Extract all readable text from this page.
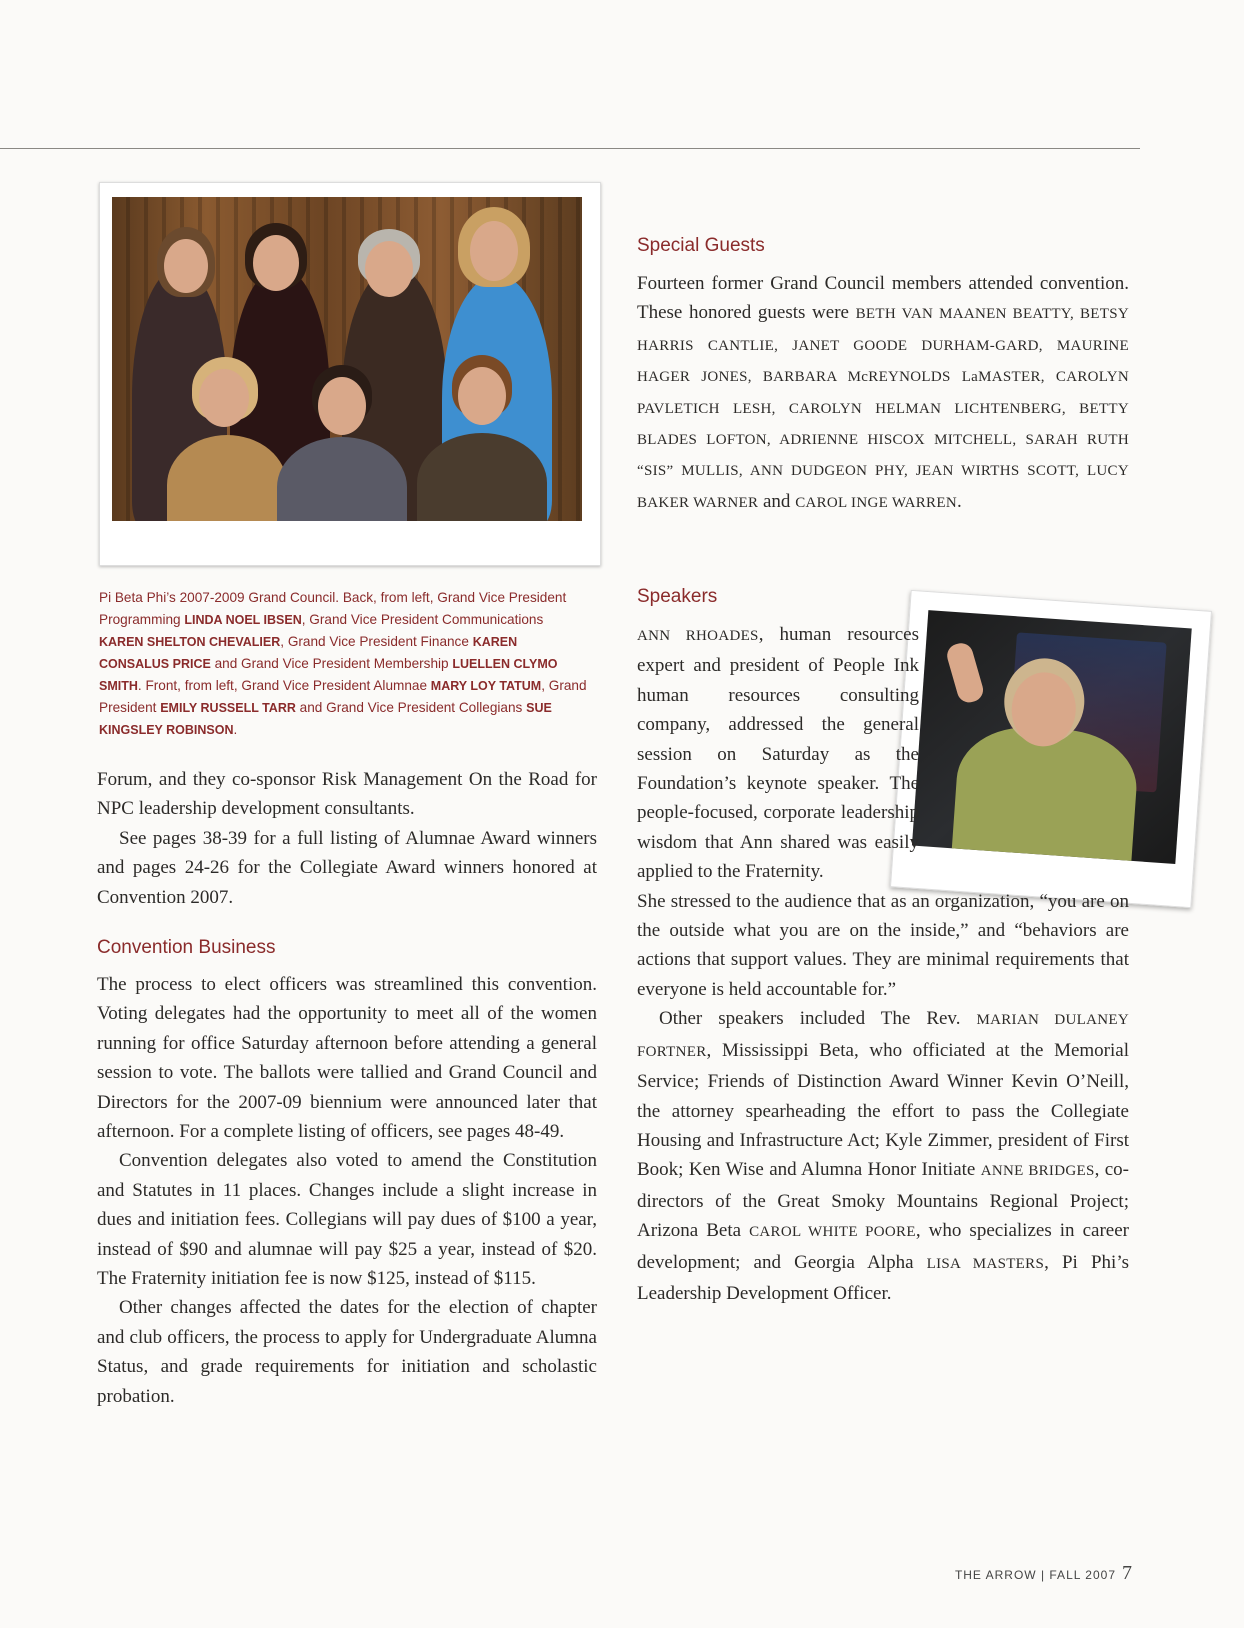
Pi Beta Phi’s 2007-2009 Grand Council. Back, from left, Grand Vice President Programming LINDA NOEL IBSEN, Grand Vice President Communications KAREN SHELTON CHEVALIER, Grand Vice President Finance KAREN CONSALUS PRICE and Grand Vice President Membership LUELLEN CLYMO SMITH. Front, from left, Grand Vice President Alumnae MARY LOY TATUM, Grand President EMILY RUSSELL TARR and Grand Vice President Collegians SUE KINGSLEY ROBINSON.

Forum, and they co-sponsor Risk Management On the Road for NPC leadership development consultants.

See pages 38-39 for a full listing of Alumnae Award winners and pages 24-26 for the Collegiate Award winners honored at Convention 2007.

Convention Business

The process to elect officers was streamlined this convention. Voting delegates had the opportunity to meet all of the women running for office Saturday afternoon before attending a general session to vote. The ballots were tallied and Grand Council and Directors for the 2007-09 biennium were announced later that afternoon. For a complete listing of officers, see pages 48-49.

Convention delegates also voted to amend the Constitution and Statutes in 11 places. Changes include a slight increase in dues and initiation fees. Collegians will pay dues of $100 a year, instead of $90 and alumnae will pay $25 a year, instead of $20. The Fraternity initiation fee is now $125, instead of $115.

Other changes affected the dates for the election of chapter and club officers, the process to apply for Undergraduate Alumna Status, and grade requirements for initiation and scholastic probation.

Special Guests

Fourteen former Grand Council members attended convention. These honored guests were BETH VAN MAANEN BEATTY, BETSY HARRIS CANTLIE, JANET GOODE DURHAM-GARD, MAURINE HAGER JONES, BARBARA McREYNOLDS LaMASTER, CAROLYN PAVLETICH LESH, CAROLYN HELMAN LICHTENBERG, BETTY BLADES LOFTON, ADRIENNE HISCOX MITCHELL, SARAH RUTH “SIS” MULLIS, ANN DUDGEON PHY, JEAN WIRTHS SCOTT, LUCY BAKER WARNER and CAROL INGE WARREN.

Speakers

ANN RHOADES, human resources expert and president of People Ink human resources consulting company, addressed the general session on Saturday as the Foundation’s keynote speaker. The people-focused, corporate leadership wisdom that Ann shared was easily applied to the Fraternity.

She stressed to the audience that as an organization, “you are on the outside what you are on the inside,” and “behaviors are actions that support values. They are minimal requirements that everyone is held accountable for.”

Other speakers included The Rev. MARIAN DULANEY FORTNER, Mississippi Beta, who officiated at the Memorial Service; Friends of Distinction Award Winner Kevin O’Neill, the attorney spearheading the effort to pass the Collegiate Housing and Infrastructure Act; Kyle Zimmer, president of First Book; Ken Wise and Alumna Honor Initiate ANNE BRIDGES, co-directors of the Great Smoky Mountains Regional Project; Arizona Beta CAROL WHITE POORE, who specializes in career development; and Georgia Alpha LISA MASTERS, Pi Phi’s Leadership Development Officer.

THE ARROW | FALL 2007 7
